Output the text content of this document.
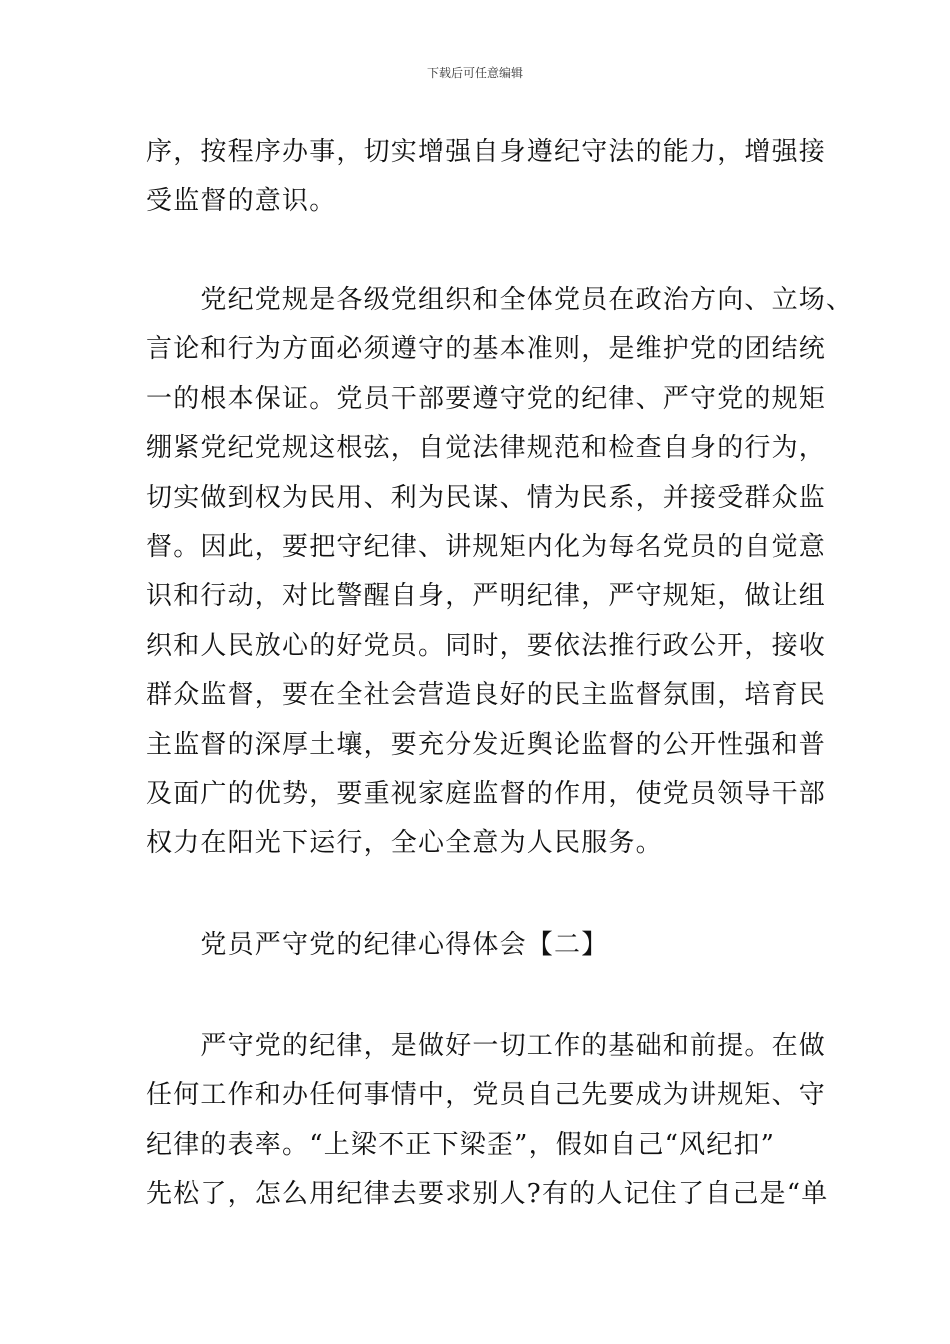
下载后可任意编辑
序，按程序办事，切实增强自身遵纪守法的能力，增强接
受监督的意识。
　　党纪党规是各级党组织和全体党员在政治方向、立场、
言论和行为方面必须遵守的基本准则，是维护党的团结统
一的根本保证。党员干部要遵守党的纪律、严守党的规矩
绷紧党纪党规这根弦，自觉法律规范和检查自身的行为，
切实做到权为民用、利为民谋、情为民系，并接受群众监
督。因此，要把守纪律、讲规矩内化为每名党员的自觉意
识和行动，对比警醒自身，严明纪律，严守规矩，做让组
织和人民放心的好党员。同时，要依法推行政公开，接收
群众监督，要在全社会营造良好的民主监督氛围，培育民
主监督的深厚土壤，要充分发近舆论监督的公开性强和普
及面广的优势，要重视家庭监督的作用，使党员领导干部
权力在阳光下运行，全心全意为人民服务。
　　党员严守党的纪律心得体会【二】
　　严守党的纪律，是做好一切工作的基础和前提。在做
任何工作和办任何事情中，党员自己先要成为讲规矩、守
纪律的表率。“上梁不正下梁歪”，假如自己“风纪扣”
先松了，怎么用纪律去要求别人?有的人记住了自己是“单
